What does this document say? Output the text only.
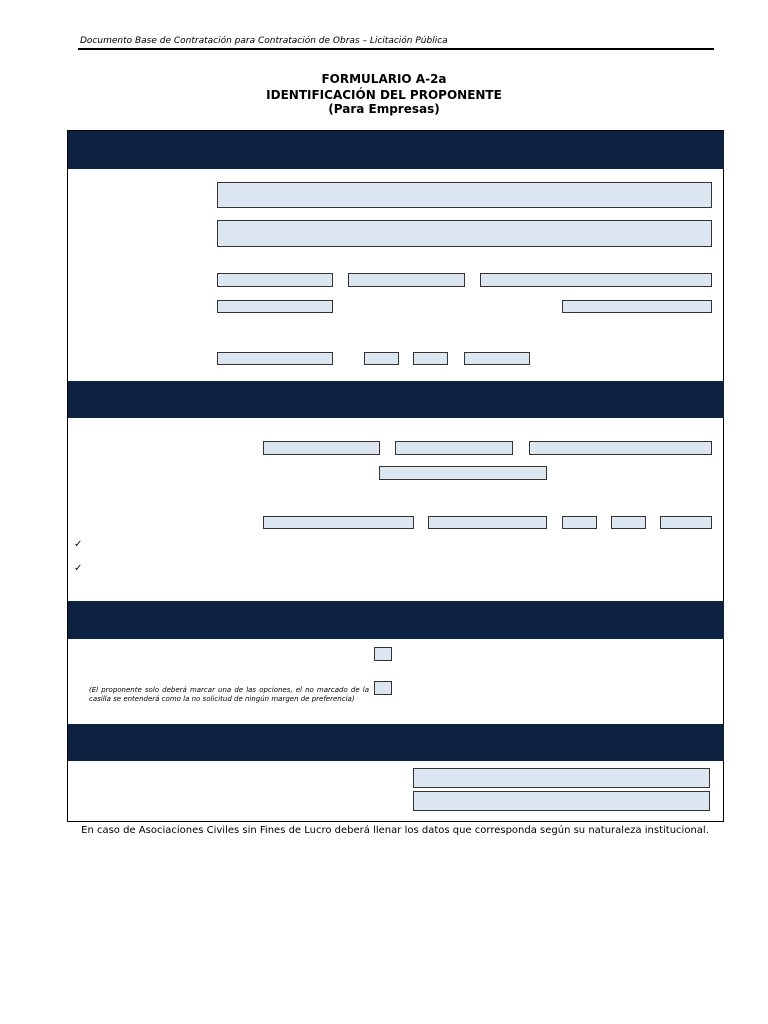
Documento Base de Contratación para Contratación de Obras – Licitación Pública
FORMULARIO A-2a
IDENTIFICACIÓN DEL PROPONENTE
(Para Empresas)
✓
✓
(El proponente solo deberá marcar una de las opciones, el no marcado de la casilla se entenderá como la no solicitud de ningún margen de preferencia)
En caso de Asociaciones Civiles sin Fines de Lucro deberá llenar los datos que corresponda según su naturaleza institucional.
